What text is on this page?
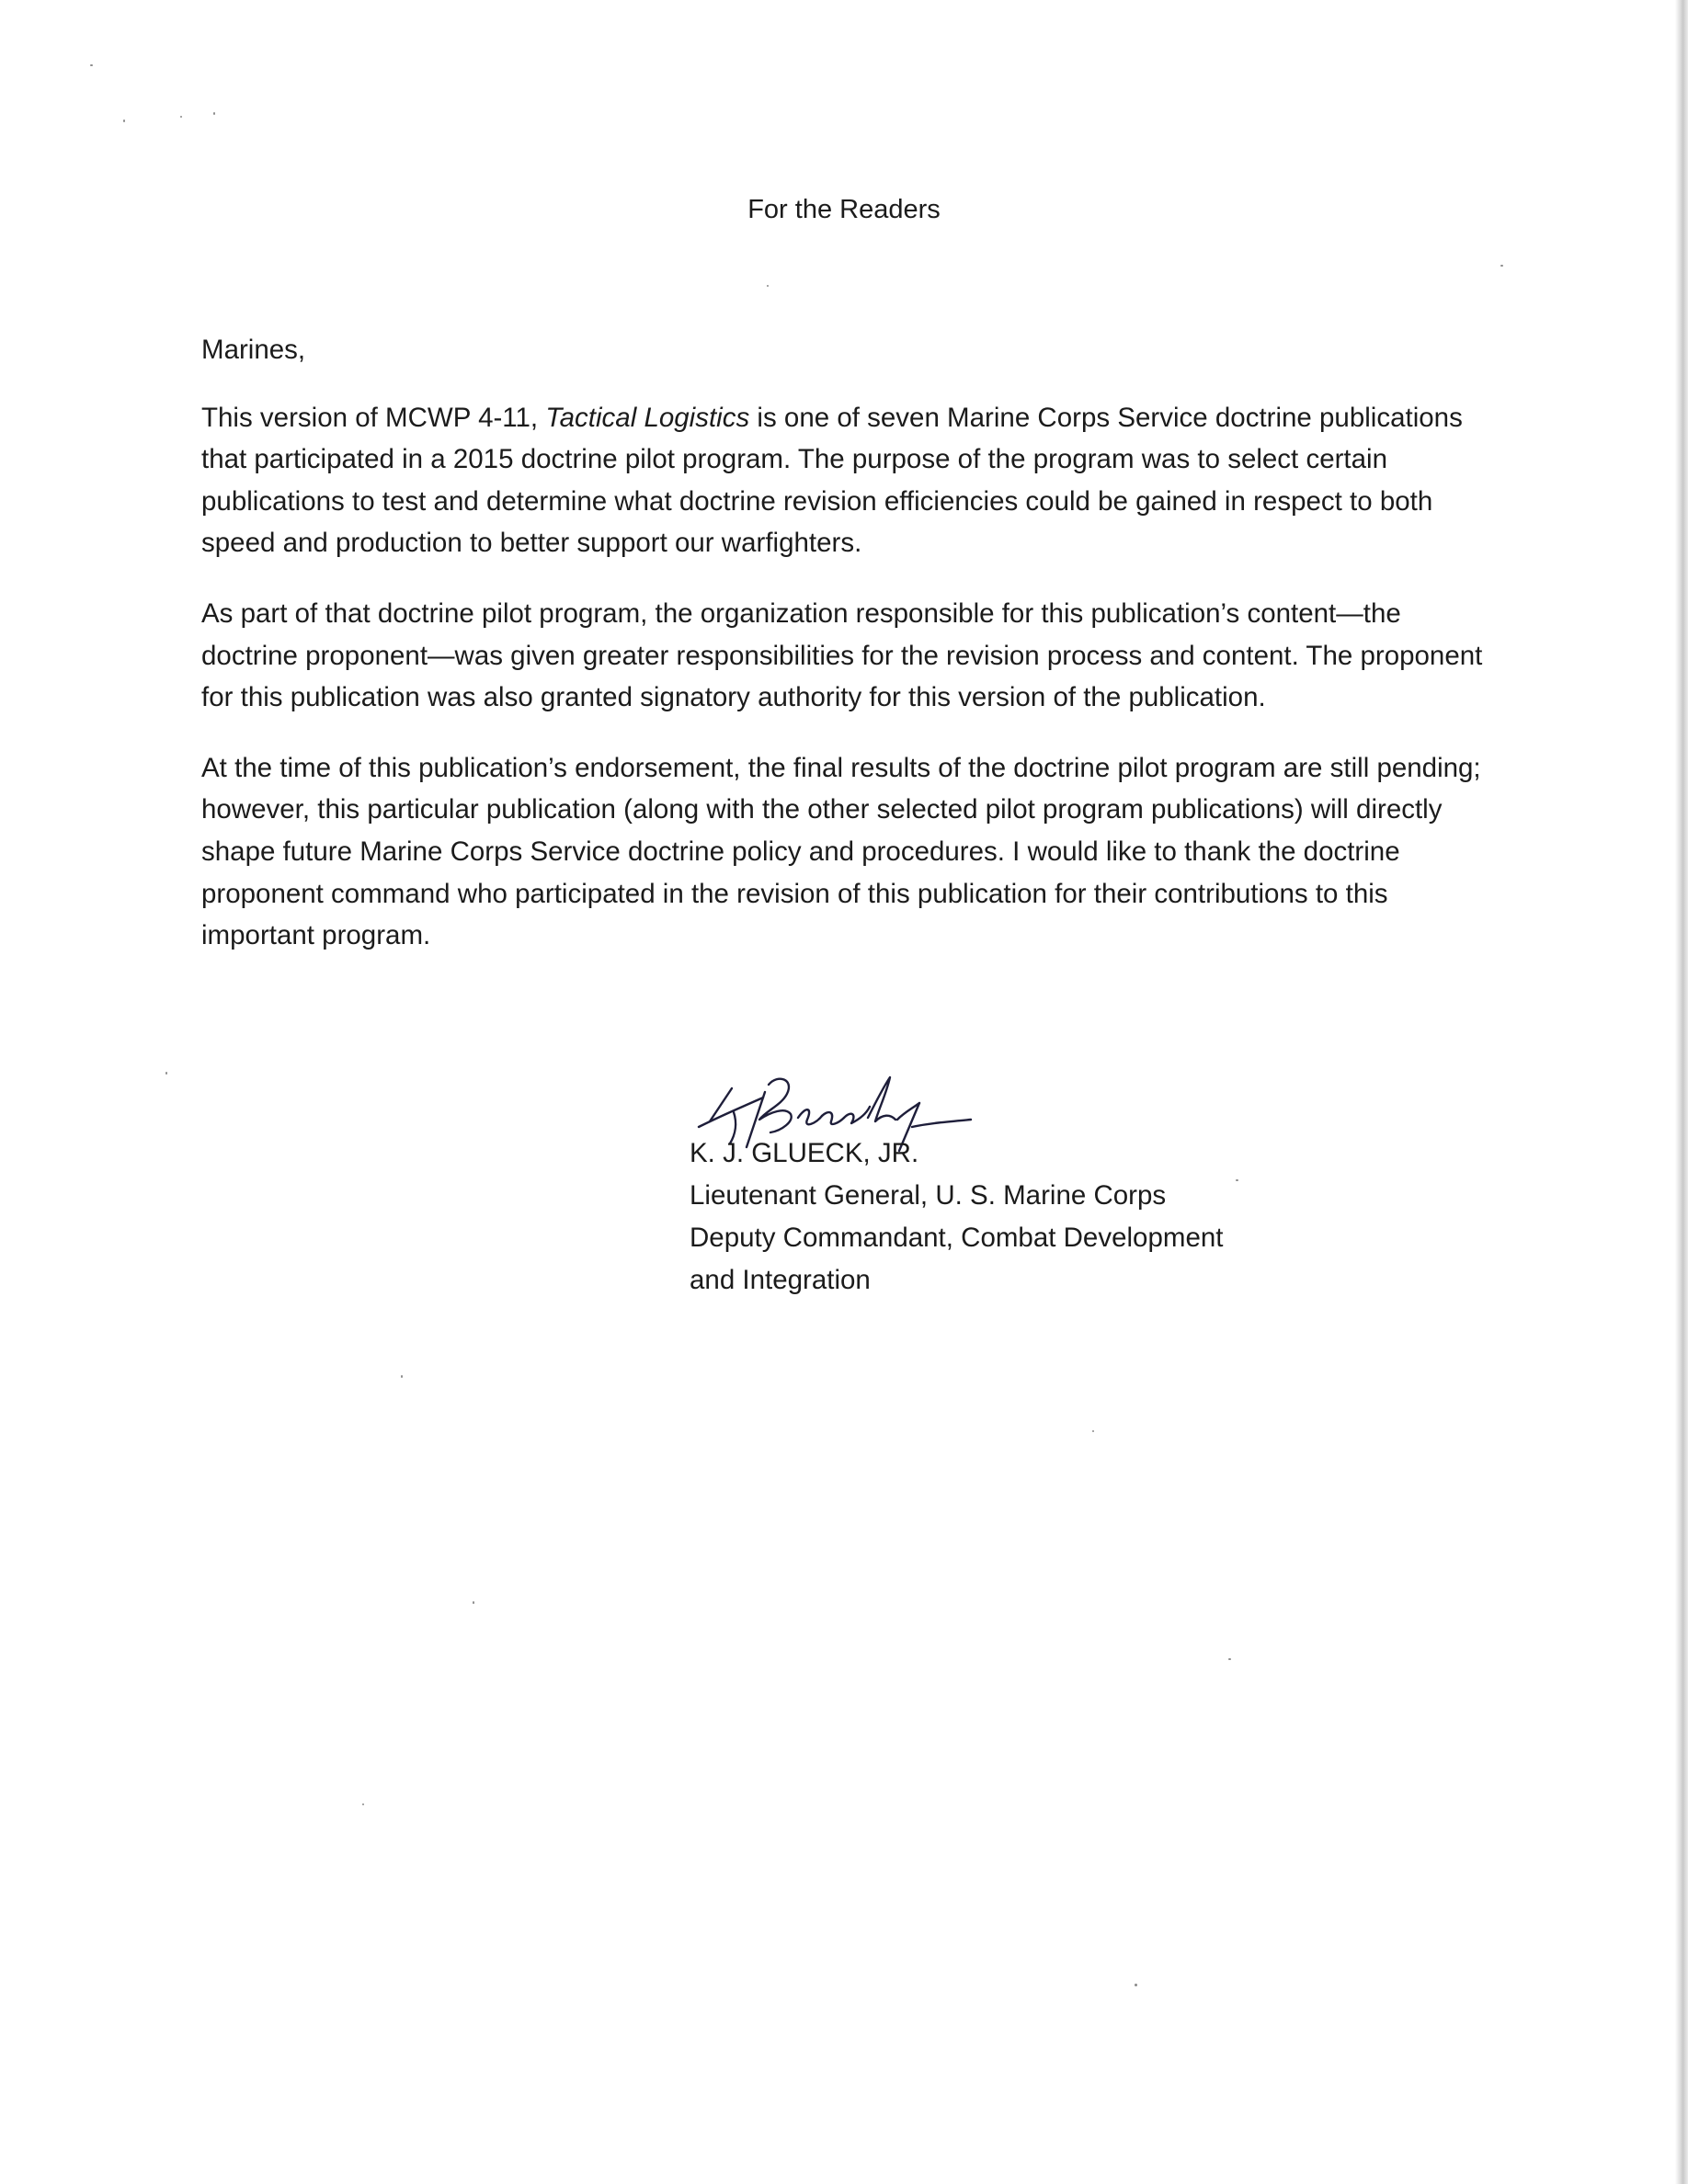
For the Readers

Marines,

This version of MCWP 4-11, Tactical Logistics is one of seven Marine Corps Service doctrine publications that participated in a 2015 doctrine pilot program. The purpose of the program was to select certain publications to test and determine what doctrine revision efficiencies could be gained in respect to both speed and production to better support our warfighters.

As part of that doctrine pilot program, the organization responsible for this publication’s content—the doctrine proponent—was given greater responsibilities for the revision process and content. The proponent for this publication was also granted signatory authority for this version of the publication.

At the time of this publication’s endorsement, the final results of the doctrine pilot program are still pending; however, this particular publication (along with the other selected pilot program publications) will directly shape future Marine Corps Service doctrine policy and procedures. I would like to thank the doctrine proponent command who participated in the revision of this publication for their contributions to this important program.

K. J. GLUECK, JR.
Lieutenant General, U. S. Marine Corps
Deputy Commandant, Combat Development
and Integration
